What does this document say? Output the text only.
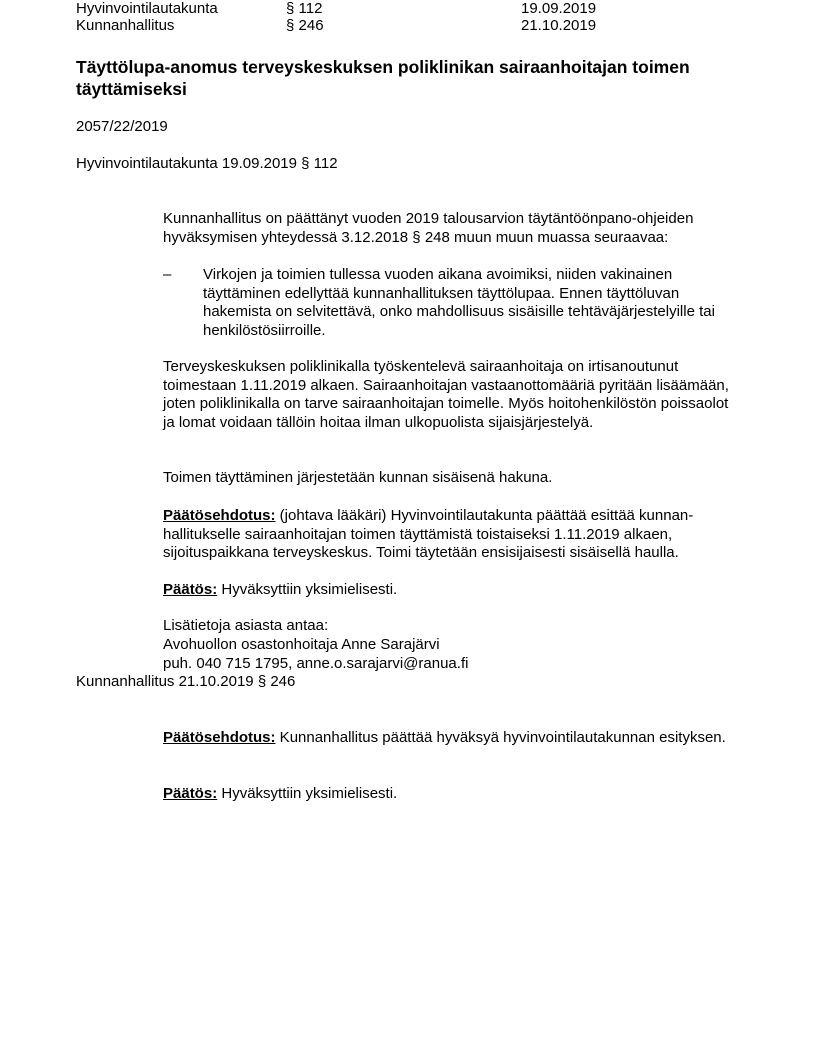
Hyvinvointilautakunta	§ 112	19.09.2019
Kunnanhallitus	§ 246	21.10.2019
Täyttölupa-anomus terveyskeskuksen poliklinikan sairaanhoitajan toimen täyttämiseksi
2057/22/2019
Hyvinvointilautakunta 19.09.2019 § 112
Kunnanhallitus on päättänyt vuoden 2019 talousarvion täytäntöönpano-ohjeiden hyväksymisen yhteydessä 3.12.2018 § 248 muun muun muassa seuraavaa:
– Virkojen ja toimien tullessa vuoden aikana avoimiksi, niiden vakinainen täyttäminen edellyttää kunnanhallituksen täyttölupaa. Ennen täyttöluvan hakemista on selvitettävä, onko mahdollisuus sisäisille tehtäväjärjestelyille tai henkilöstösiirroille.
Terveyskeskuksen poliklinikalla työskentelevä sairaanhoitaja on irtisanoutunut toimestaan 1.11.2019 alkaen. Sairaanhoitajan vastaanottomääriä pyritään lisäämään, joten poliklinikalla on tarve sairaanhoitajan toimelle. Myös hoitohenkilöstön poissaolot ja lomat voidaan tällöin hoitaa ilman ulkopuolista sijaisjärjestelyä.
Toimen täyttäminen järjestetään kunnan sisäisenä hakuna.
Päätösehdotus: (johtava lääkäri) Hyvinvointilautakunta päättää esittää kunnan-hallitukselle sairaanhoitajan toimen täyttämistä toistaiseksi 1.11.2019 alkaen, sijoituspaikkana terveyskeskus. Toimi täytetään ensisijaisesti sisäisellä haulla.
Päätös: Hyväksyttiin yksimielisesti.
Lisätietoja asiasta antaa:
Avohuollon osastonhoitaja Anne Sarajärvi
puh. 040 715 1795, anne.o.sarajarvi@ranua.fi
Kunnanhallitus 21.10.2019 § 246
Päätösehdotus: Kunnanhallitus päättää hyväksyä hyvinvointilautakunnan esityksen.
Päätös: Hyväksyttiin yksimielisesti.
